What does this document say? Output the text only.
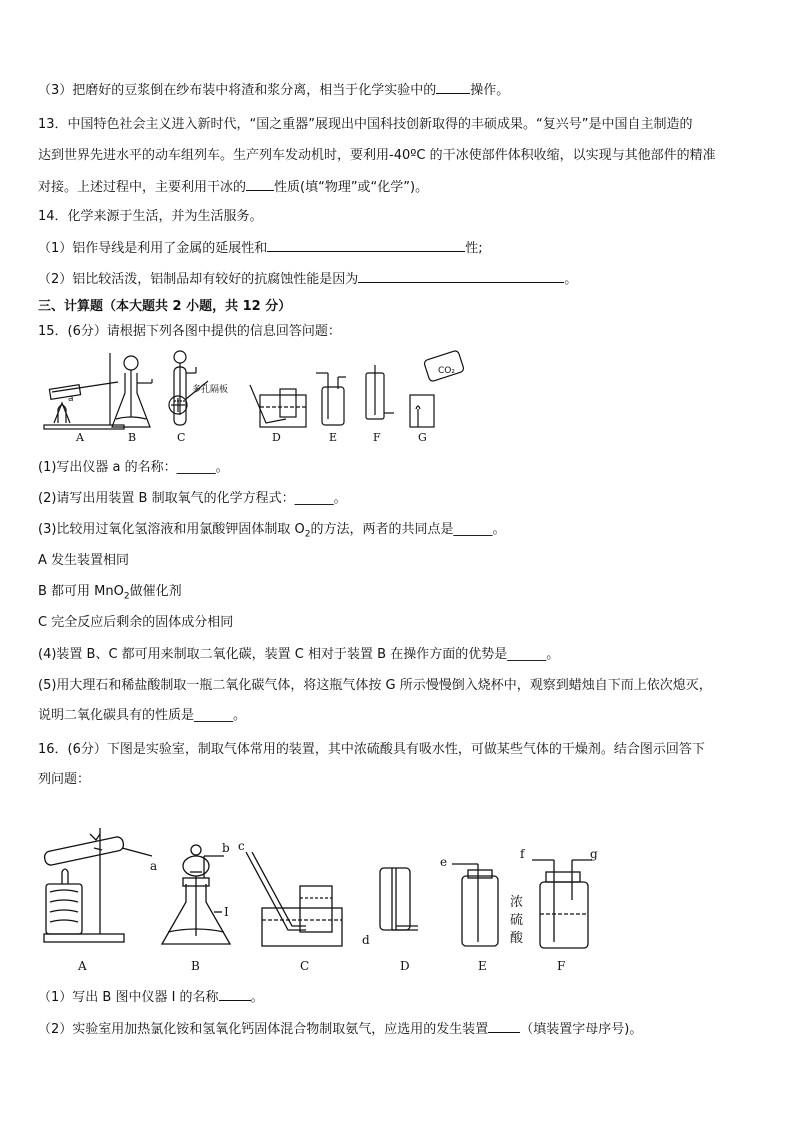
（3）把磨好的豆浆倒在纱布装中将渣和浆分离，相当于化学实验中的	操作。
13．中国特色社会主义进入新时代，“国之重器”展现出中国科技创新取得的丰硕成果。“复兴号”是中国自主制造的
达到世界先进水平的动车组列车。生产列车发动机时，要利用-40ºC 的干冰使部件体积收缩，以实现与其他部件的精准
对接。上述过程中，主要利用干冰的 性质(填“物理”或“化学”)。
14．化学来源于生活，并为生活服务。
（1）铝作导线是利用了金属的延展性和	性;
（2）铝比较活泼，铝制品却有较好的抗腐蚀性能是因为	。
三、计算题（本大题共 2 小题，共 12 分）
15．(6分）请根据下列各图中提供的信息回答问题：
a
多孔隔板
CO₂
A	B	C	D	E	F	G
(1)写出仪器 a 的名称：______。
(2)请写出用装置 B 制取氧气的化学方程式：______。
(3)比较用过氧化氢溶液和用氯酸钾固体制取 $O_2$的方法，两者的共同点是______。
A 发生装置相同
B 都可用 MnO$_2$做催化剂
C 完全反应后剩余的固体成分相同
(4)装置 B、C 都可用来制取二氧化碳，装置 C 相对于装置 B 在操作方面的优势是______。
(5)用大理石和稀盐酸制取一瓶二氧化碳气体，将这瓶气体按 G 所示慢慢倒入烧杯中，观察到蜡烛自下而上依次熄灭，
说明二氧化碳具有的性质是______。
16．(6分）下图是实验室，制取气体常用的装置，其中浓硫酸具有吸水性，可做某些气体的干燥剂。结合图示回答下
列问题：
a
b c
d
e
f	g
I
浓
硫
酸
A	B	C	D	E	F
（1）写出 B 图中仪器 I 的名称 。
（2）实验室用加热氯化铵和氢氧化钙固体混合物制取氨气，应选用的发生装置 （填装置字母序号)。
